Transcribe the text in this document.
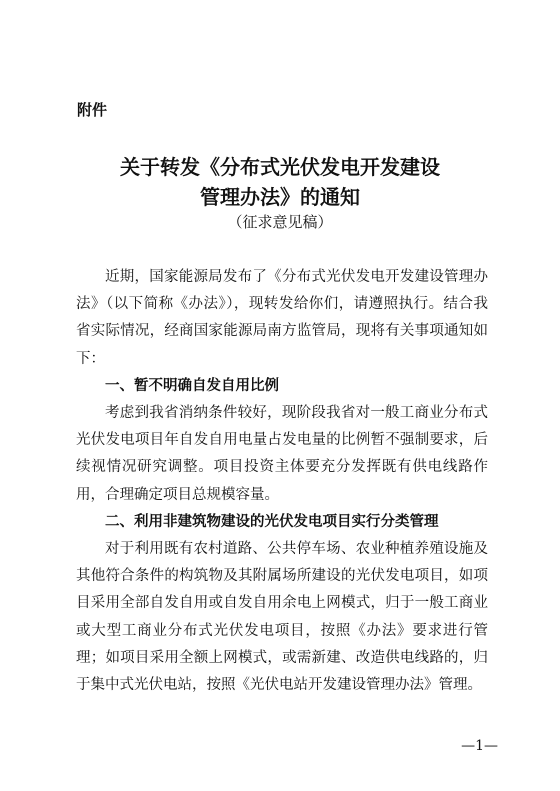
附件
关于转发《分布式光伏发电开发建设
管理办法》的通知
（征求意见稿）

近期，国家能源局发布了《分布式光伏发电开发建设管理办法》（以下简称《办法》），现转发给你们，请遵照执行。结合我省实际情况，经商国家能源局南方监管局，现将有关事项通知如下：

一、暂不明确自发自用比例

考虑到我省消纳条件较好，现阶段我省对一般工商业分布式光伏发电项目年自发自用电量占发电量的比例暂不强制要求，后续视情况研究调整。项目投资主体要充分发挥既有供电线路作用，合理确定项目总规模容量。

二、利用非建筑物建设的光伏发电项目实行分类管理

对于利用既有农村道路、公共停车场、农业种植养殖设施及其他符合条件的构筑物及其附属场所建设的光伏发电项目，如项目采用全部自发自用或自发自用余电上网模式，归于一般工商业或大型工商业分布式光伏发电项目，按照《办法》要求进行管理；如项目采用全额上网模式，或需新建、改造供电线路的，归于集中式光伏电站，按照《光伏电站开发建设管理办法》管理。

—1—
